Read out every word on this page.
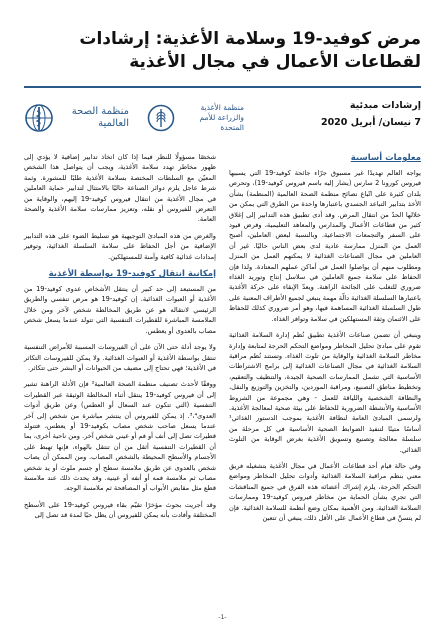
مرض كوفيد-19 وسلامة الأغذية: إرشادات لقطاعات الأعمال في مجال الأغذية
إرشادات مبدئية
7 نيسان/ أبريل 2020
منظمة الصحة العالمية
منظمة الأغذية والزراعة للأمم المتحدة
معلومات أساسية

يواجه العالم تهديدًا غير مسبوق جرّاء جائحة كوفيد-19 التي يسببها فيروس كورونا 2 سارس (يشار إليه باسم فيروس كوفيد-19)، وتحرص بلدان كثيرة على اتّباع نصائح منظمة الصحة العالمية (المنظمة) بشأن الأخذ بتدابير التباعد الجسدي باعتبارها واحدة من الطرق التي يمكن من خلالها الحدّ من انتقال المرض. وقد أدى تطبيق هذه التدابير إلى إغلاق كثير من قطاعات الأعمال والمدارس والمعاهد التعليمية، وفرض قيود على السفر والتجمعات الاجتماعية. وبالنسبة لبعض العاملين، أصبح العمل من المنزل ممارسة عادية لدى بعض الناس حاليًا. غير أن العاملين في مجال الصناعات الغذائية لا يمكنهم العمل من المنزل ومطلوب منهم أن يواصلوا العمل في أماكن عملهم المعتادة. ولذا فإن الحفاظ على سلامة جميع العاملين في سلاسل إنتاج وتوريد الغذاء ضروري للتغلب على الجائحة الراهنة. ويعدّ الإبقاء على حركة الأغذية باعتبارها السلسلة الغذائية دالّة مهمة ينبغي لجميع الأطراف المعنية على طول السلسلة الغذائية المساهمة فيها، وهو أمر ضروري كذلك للحفاظ على الائتمان وثقة المستهلكين في سلامة وتوافر الغذاء.

وينبغي أن تضمن صناعات الأغذية تطبيق نُظم إدارة السلامة الغذائية تقوم على مبادئ تحليل المخاطر ومواضع التحكم الحرجة لمتابعة وإدارة مخاطر السلامة الغذائية والوقاية من تلوث الغذاء. وتستند نُظم مراقبة السلامة الغذائية في مجال الصناعات الغذائية إلى برامج الاشتراطات الأساسية التي تشمل الممارسات الصحية الجيدة، والتنظيف والتعقيم، وتخطيط مناطق التصنيع، ومراقبة الموردين، والتخزين والتوزيع والنقل، والنظافة الشخصية واللياقة للعمل - وهي مجموعة من الشروط الأساسية والأنشطة الضرورية للحفاظ على بيئة صحية لمعالجة الأغذية. ولرسمى المبادئ العامة لنظافة الأغذية بموجب الدستور الغذائي¹ أساسًا متينًا لتنفيذ الضوابط الصحية الأساسية في كل مرحلة من سلسلة معالجة وتصنيع وتسويق الأغذية بغرض الوقاية من التلوث الغذائي.

وفي حالة قيام أحد قطاعات الأعمال في مجال الأغذية بتشغيله فريق معني بنظم مراقبة السلامة الغذائية وأدوات تحليل المخاطر ومواضع التحكم الحرجة، يلزم إشراك أعضائه هذه الفرق في جميع المناقشات التي تجري بشأن الحماية من مخاطر فيروس كوفيد-19 وممارسات السلامة الغذائية. ومن الأهمية بمكان وضع أنظمة للسلامة الغذائية. فإن لم يتسنَّ في قطاع الأعمال على الأقل ذلك، ينبغي أن تتعين

شخصًا مسؤولًا للنظر فيما إذا كان اتخاذ تدابير إضافية لا يؤدي إلى ظهور مخاطر تهدد سلامة الأغذية، ويجب أن يتواصل هذا الشخص المعيّن مع السلطات المختصة بسلامة الأغذية طلبًا للمشورة. وثمة شرط عاجل يلزم دوائر الصناعة حاليًا بالامتثال لتدابير حماية العاملين في مجال الأغذية من انتقال فيروس كوفيد-19 إليهم، والوقاية من التعرض للفيروس أو نقله، وتعزيز ممارسات سلامة الأغذية والصحة العامة.

والغرض من هذه المبادئ التوجيهية هو تسليط الضوء على هذه التدابير الإضافية من أجل الحفاظ على سلامة السلسلة الغذائية، وتوفير إمدادات غذائية كافية وآمنة للمستهلكين.

إمكانية انتقال كوفيد-19 بواسطة الأغذية

من المستبعد إلى حد كبير أن ينتقل الأشخاص عدوى كوفيد-19 من الأغذية أو العبوات الغذائية. إن كوفيد-19 هو مرض تنفسي والطريق الرئيسي لانتقاله هو عن طريق المخالطة شخص لآخر ومن خلال الملامسة المباشرة للقطيرات التنفسية التي تتولد عندما يسعل شخص مصاب بالعدوى أو يعطس.

ولا يوجد أدلة حتى الآن على أن الفيروسات المسببة للأمراض التنفسية تنتقل بواسطة الأغذية أو العبوات الغذائية. ولا يمكن للفيروسات التكاثر في الأغذية؛ فهي تحتاج إلى مضيف من الحيوانات أو البشر حتى تتكاثر.

ووفقًا لأحدث تصنيف منظمة الصحة العالمية² فإن الأدلة الراهنة تشير إلى أن فيروس كوفيد-19 ينتقل أثناء المخالطة الوثيقة عبر القطيرات التنفسية (التي تتكون عند السعال أو العطس) وعن طريق أدوات العدوى³،⁴. إذ يمكن للفيروس أن ينتشر مباشرة من شخص إلى آخر عندما يسعل صاحب شخص مصاب بكوفيد-19 أو يعطس، فتتولد قطيرات تصل إلى أنف أو فم أو عيني شخص آخر. ومن ناحية أخرى، بما أن القطيرات التنفسية أثقل من أن تنتقل بالهواء، فإنها تهبط على الأجسام والأسطح المحيطة بالشخص المصاب. ومن الممكن أن يصاب شخص بالعدوى عن طريق ملامسة سطح أو جسم ملوث أو يد شخص مصاب ثم ملامسة فمه أو أنفه أو عينيه. وقد يحدث ذلك عند ملامسة قطع مثل مقابض الأبواب أو المصافحة ثم ملامسة الوجه.

وقد أجريت بحوث مؤخرًا تقيّم بقاء فيروس كوفيد-19 على الأسطح المختلفة وأفادت بأنه يمكن للفيروس أن يظل حيًا لمدة قد تصل إلى

-1-
